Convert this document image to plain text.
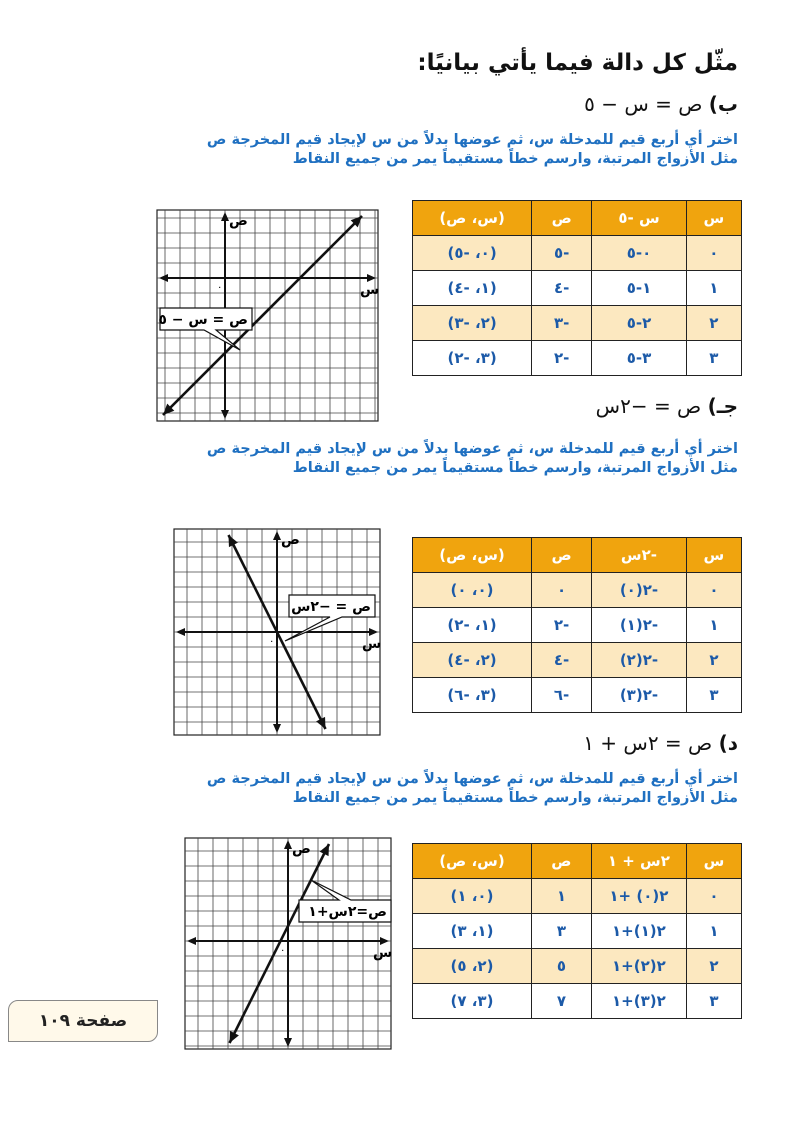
مثّل كل دالة فيما يأتي بيانيًا:
ب) ص = س − ٥
اختر أي أربع قيم للمدخلة س، ثم عوضها بدلاً من س لإيجاد قيم المخرجة ص
مثل الأزواج المرتبة، وارسم خطاً مستقيماً يمر من جميع النقاط
س	س -٥	ص	(س، ص)
٠	٠-٥	-٥	(٠، -٥)
١	١-٥	-٤	(١، -٤)
٢	٢-٥	-٣	(٢، -٣)
٣	٣-٥	-٢	(٣، -٢)
ص
س
٠
ص = س − ٥
جـ) ص = −٢س
اختر أي أربع قيم للمدخلة س، ثم عوضها بدلاً من س لإيجاد قيم المخرجة ص
مثل الأزواج المرتبة، وارسم خطاً مستقيماً يمر من جميع النقاط
س	-٢س	ص	(س، ص)
٠	-٢(٠)	٠	(٠، ٠)
١	-٢(١)	-٢	(١، -٢)
٢	-٢(٢)	-٤	(٢، -٤)
٣	-٢(٣)	-٦	(٣، -٦)
ص
س
٠
ص = −٢س
د) ص = ٢س + ١
اختر أي أربع قيم للمدخلة س، ثم عوضها بدلاً من س لإيجاد قيم المخرجة ص
مثل الأزواج المرتبة، وارسم خطاً مستقيماً يمر من جميع النقاط
س	٢س + ١	ص	(س، ص)
٠	٢(٠) +١	١	(٠، ١)
١	٢(١)+١	٣	(١، ٣)
٢	٢(٢)+١	٥	(٢، ٥)
٣	٢(٣)+١	٧	(٣، ٧)
ص
س
٠
ص=٢س+١
صفحة ١٠٩
